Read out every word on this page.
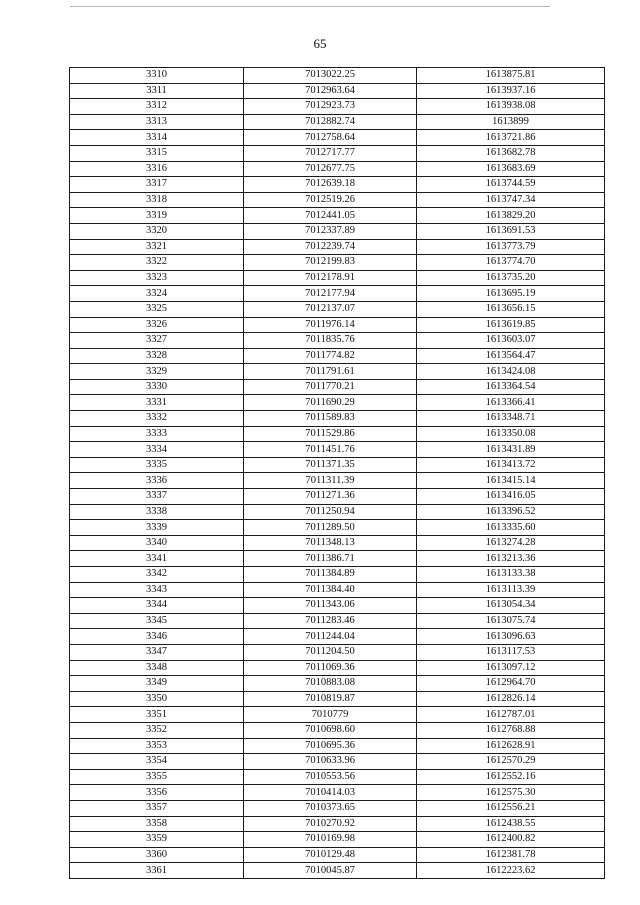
65
3310	7013022.25	1613875.81
3311	7012963.64	1613937.16
3312	7012923.73	1613938.08
3313	7012882.74	1613899
3314	7012758.64	1613721.86
3315	7012717.77	1613682.78
3316	7012677.75	1613683.69
3317	7012639.18	1613744.59
3318	7012519.26	1613747.34
3319	7012441.05	1613829.20
3320	7012337.89	1613691.53
3321	7012239.74	1613773.79
3322	7012199.83	1613774.70
3323	7012178.91	1613735.20
3324	7012177.94	1613695.19
3325	7012137.07	1613656.15
3326	7011976.14	1613619.85
3327	7011835.76	1613603.07
3328	7011774.82	1613564.47
3329	7011791.61	1613424.08
3330	7011770.21	1613364.54
3331	7011690.29	1613366.41
3332	7011589.83	1613348.71
3333	7011529.86	1613350.08
3334	7011451.76	1613431.89
3335	7011371.35	1613413.72
3336	7011311.39	1613415.14
3337	7011271.36	1613416.05
3338	7011250.94	1613396.52
3339	7011289.50	1613335.60
3340	7011348.13	1613274.28
3341	7011386.71	1613213.36
3342	7011384.89	1613133.38
3343	7011384.40	1613113.39
3344	7011343.06	1613054.34
3345	7011283.46	1613075.74
3346	7011244.04	1613096.63
3347	7011204.50	1613117.53
3348	7011069.36	1613097.12
3349	7010883.08	1612964.70
3350	7010819.87	1612826.14
3351	7010779	1612787.01
3352	7010698.60	1612768.88
3353	7010695.36	1612628.91
3354	7010633.96	1612570.29
3355	7010553.56	1612552.16
3356	7010414.03	1612575.30
3357	7010373.65	1612556.21
3358	7010270.92	1612438.55
3359	7010169.98	1612400.82
3360	7010129.48	1612381.78
3361	7010045.87	1612223.62
